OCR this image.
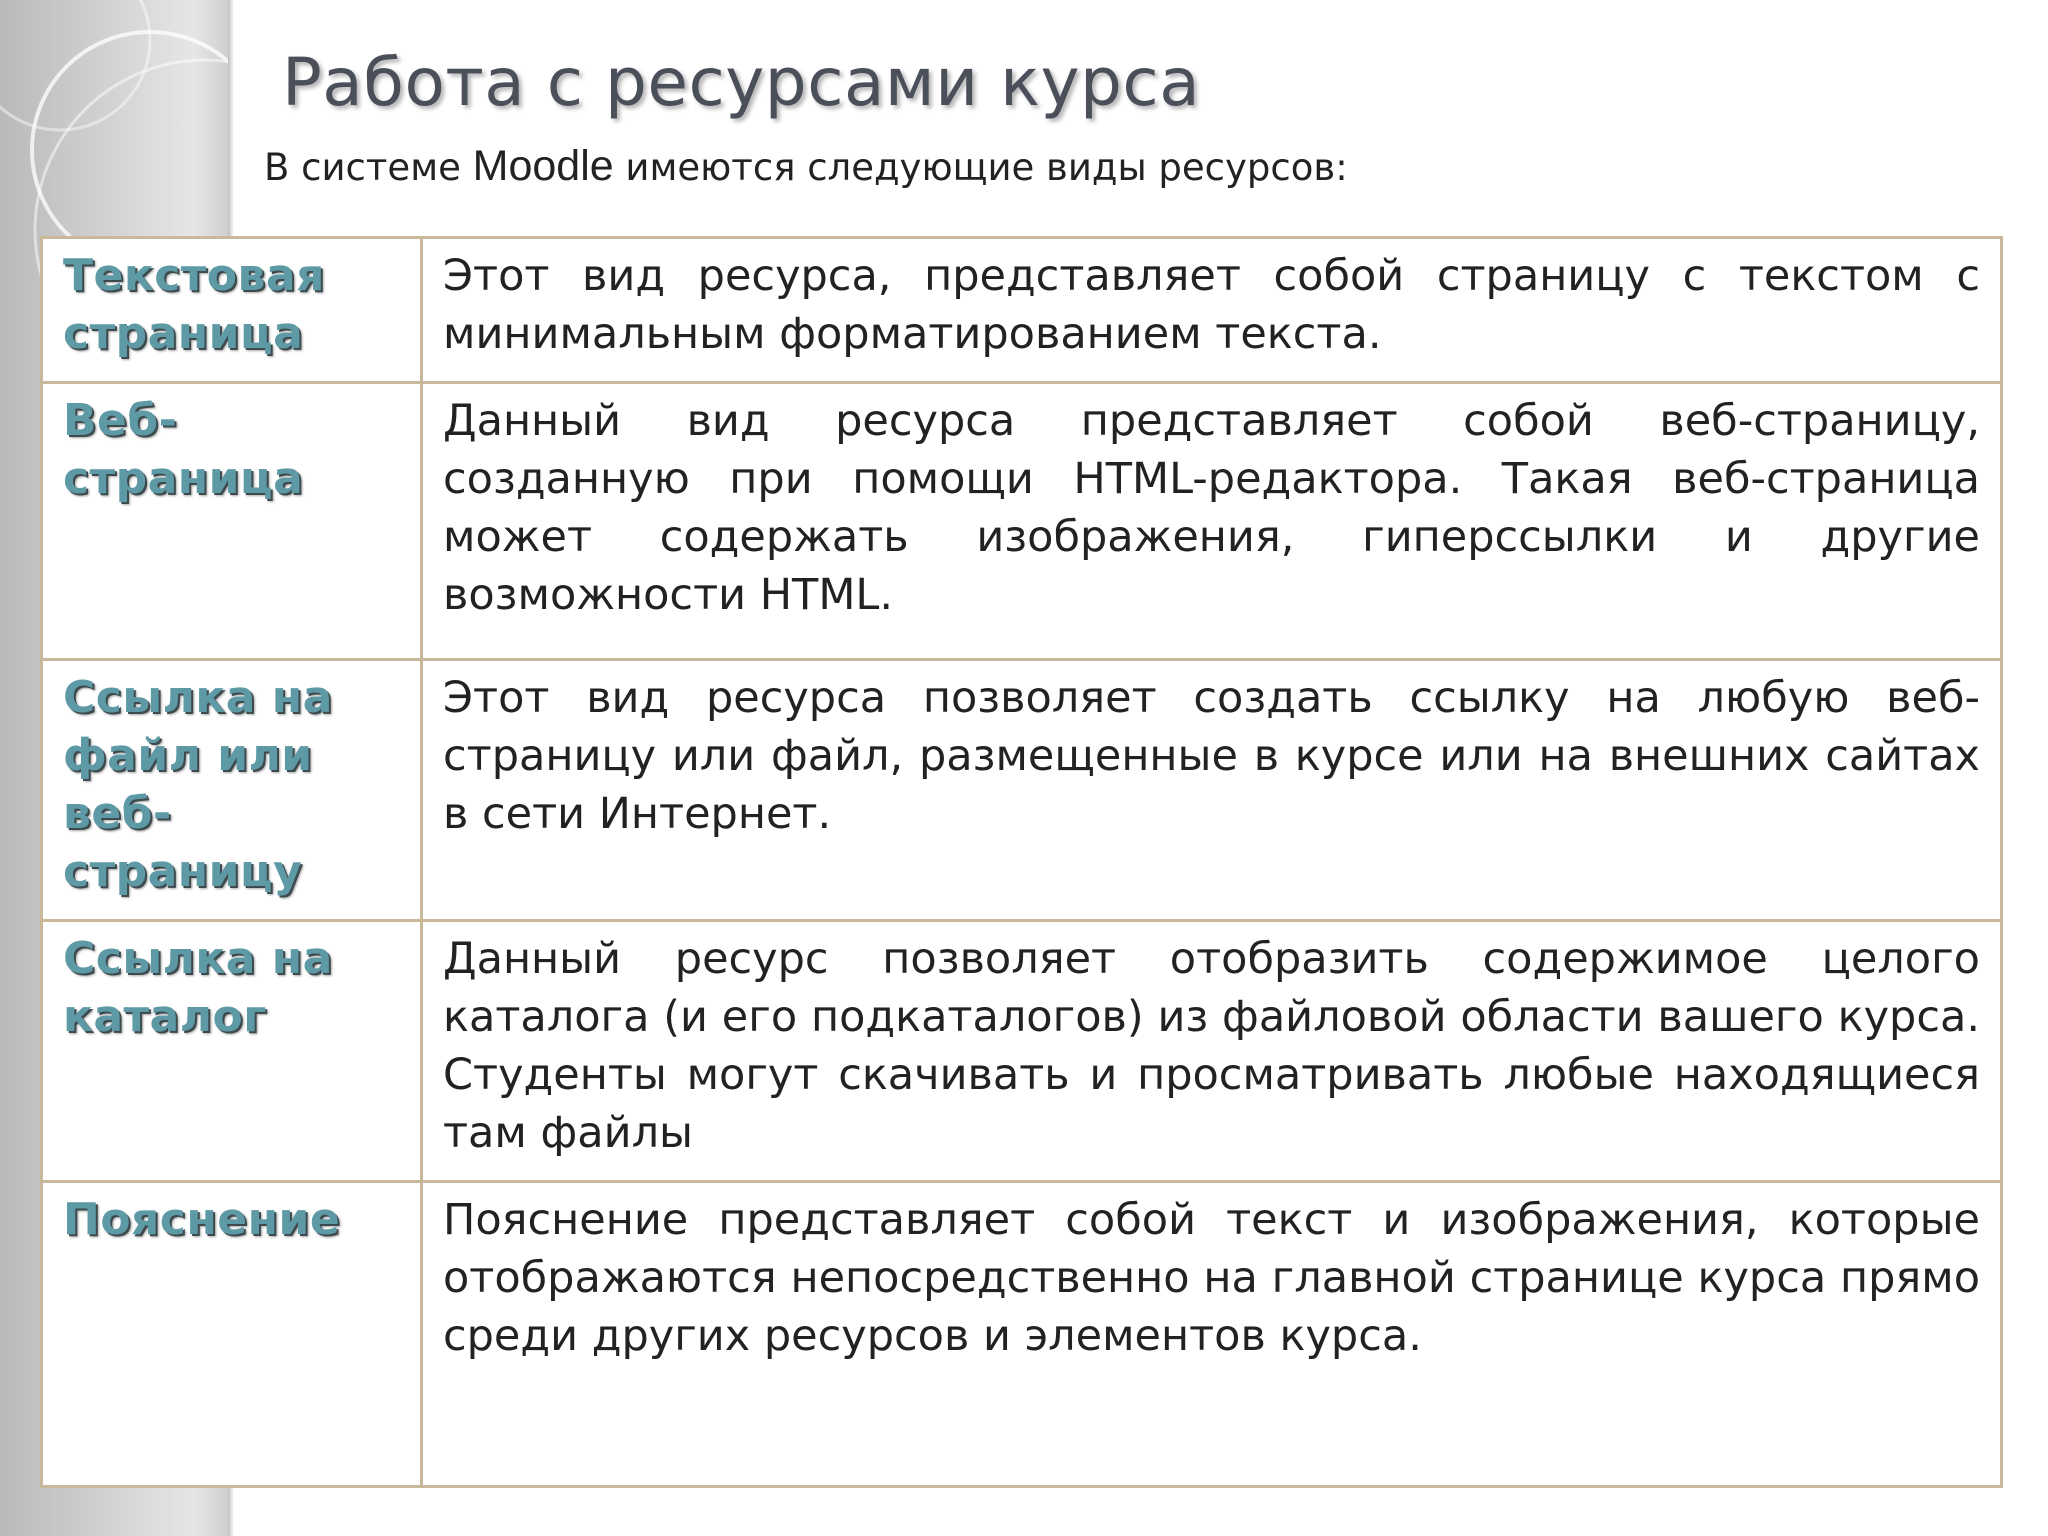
Работа с ресурсами курса

В системе Moodle имеются следующие виды ресурсов:

Текстовая страница	Этот вид ресурса, представляет собой страницу с текстом с минимальным форматированием текста.
Веб-страница	Данный вид ресурса представляет собой веб-страницу, созданную при помощи HTML-редактора. Такая веб-страница может содержать изображения, гиперссылки и другие возможности HTML.
Ссылка на файл или веб-страницу	Этот вид ресурса позволяет создать ссылку на любую веб-страницу или файл, размещенные в курсе или на внешних сайтах в сети Интернет.
Ссылка на каталог	Данный ресурс позволяет отобразить содержимое целого каталога (и его подкаталогов) из файловой области вашего курса. Студенты могут скачивать и просматривать любые находящиеся там файлы
Пояснение	Пояснение представляет собой текст и изображения, которые отображаются непосредственно на главной странице курса прямо среди других ресурсов и элементов курса.
